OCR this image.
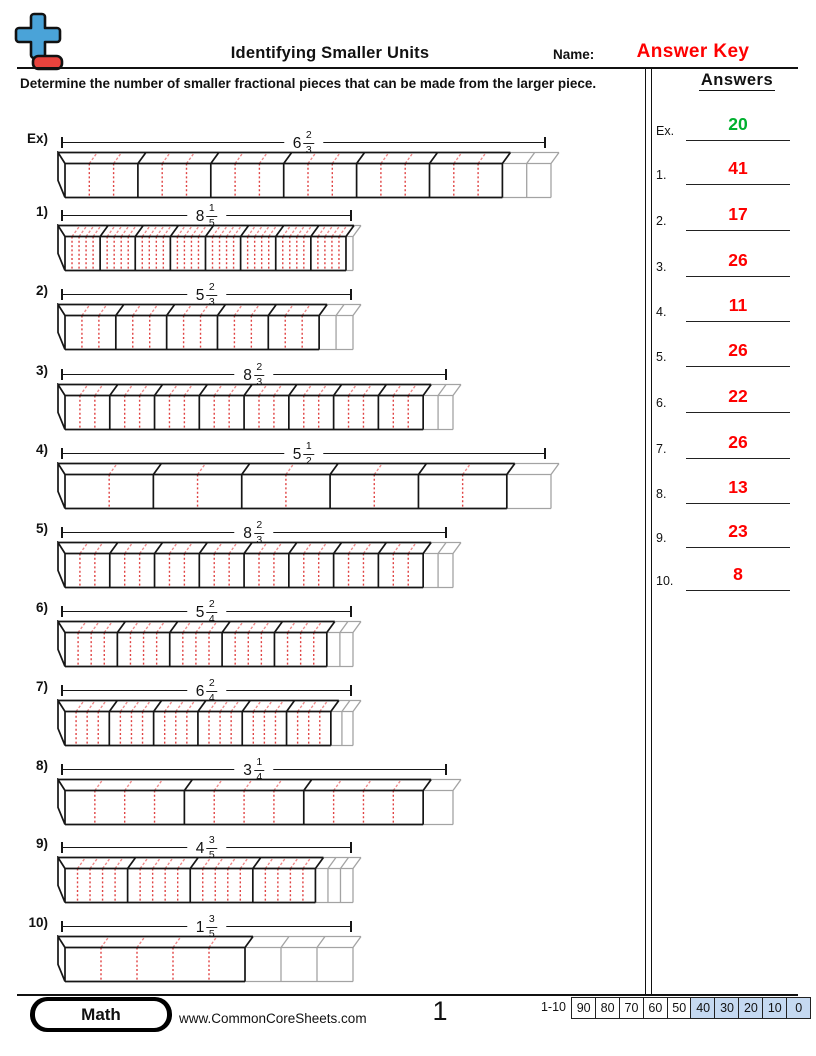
Identifying Smaller Units	Name:	Answer Key
Determine the number of smaller fractional pieces that can be made from the larger piece.	Answers
Ex.	20
1.	41
2.	17
3.	26
4.	11
5.	26
6.	22
7.	26
8.	13
9.	23
10.	8
Ex)	$6 \frac{2}{3}$
1)	$8 \frac{1}{5}$
2)	$5 \frac{2}{3}$
3)	$8 \frac{2}{3}$
4)	$5 \frac{1}{2}$
5)	$8 \frac{2}{3}$
6)	$5 \frac{2}{4}$
7)	$6 \frac{2}{4}$
8)	$3 \frac{1}{4}$
9)	$4 \frac{3}{5}$
10)	$1 \frac{3}{5}$
Math	www.CommonCoreSheets.com	1	1-10 90 80 70 60 50 40 30 20 10	0
